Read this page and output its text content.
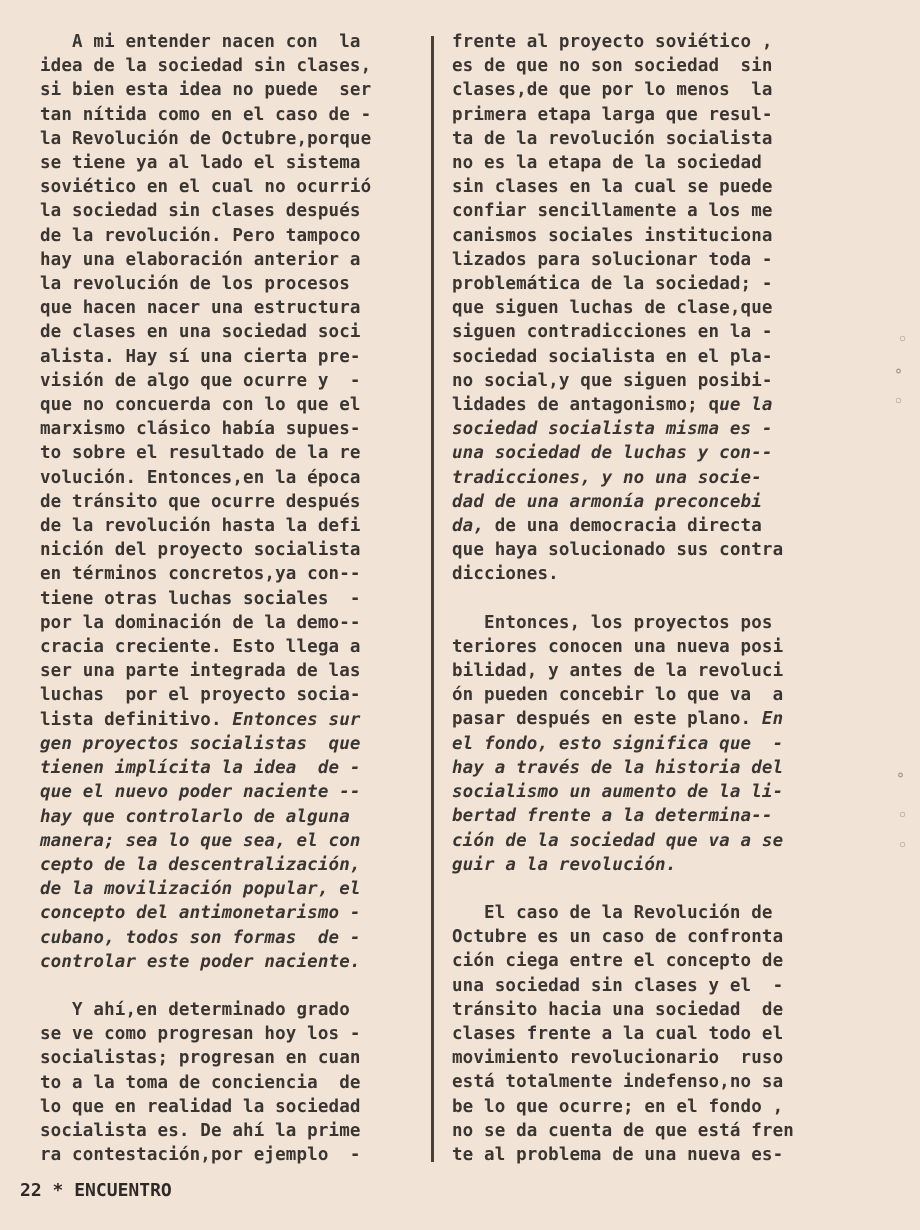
A mi entender nacen con  la
idea de la sociedad sin clases,
si bien esta idea no puede  ser
tan nítida como en el caso de -
la Revolución de Octubre,porque
se tiene ya al lado el sistema
soviético en el cual no ocurrió
la sociedad sin clases después
de la revolución. Pero tampoco
hay una elaboración anterior a
la revolución de los procesos
que hacen nacer una estructura
de clases en una sociedad soci
alista. Hay sí una cierta pre-
visión de algo que ocurre y  -
que no concuerda con lo que el
marxismo clásico había supues-
to sobre el resultado de la re
volución. Entonces,en la época
de tránsito que ocurre después
de la revolución hasta la defi
nición del proyecto socialista
en términos concretos,ya con--
tiene otras luchas sociales  -
por la dominación de la demo--
cracia creciente. Esto llega a
ser una parte integrada de las
luchas  por el proyecto socia-
lista definitivo. Entonces sur
gen proyectos socialistas  que
tienen implícita la idea  de -
que el nuevo poder naciente --
hay que controlarlo de alguna
manera; sea lo que sea, el con
cepto de la descentralización,
de la movilización popular, el
concepto del antimonetarismo -
cubano, todos son formas  de -
controlar este poder naciente.
Y ahí,en determinado grado
se ve como progresan hoy los -
socialistas; progresan en cuan
to a la toma de conciencia  de
lo que en realidad la sociedad
socialista es. De ahí la prime
ra contestación,por ejemplo  -
frente al proyecto soviético ,
es de que no son sociedad  sin
clases,de que por lo menos  la
primera etapa larga que resul-
ta de la revolución socialista
no es la etapa de la sociedad
sin clases en la cual se puede
confiar sencillamente a los me
canismos sociales instituciona
lizados para solucionar toda -
problemática de la sociedad; -
que siguen luchas de clase,que
siguen contradicciones en la -
sociedad socialista en el pla-
no social,y que siguen posibi-
lidades de antagonismo; que la
sociedad socialista misma es -
una sociedad de luchas y con--
tradicciones, y no una socie-
dad de una armonía preconcebi
da, de una democracia directa
que haya solucionado sus contra
dicciones.
Entonces, los proyectos pos
teriores conocen una nueva posi
bilidad, y antes de la revoluci
ón pueden concebir lo que va  a
pasar después en este plano. En
el fondo, esto significa que  -
hay a través de la historia del
socialismo un aumento de la li-
bertad frente a la determina--
ción de la sociedad que va a se
guir a la revolución.
El caso de la Revolución de
Octubre es un caso de confronta
ción ciega entre el concepto de
una sociedad sin clases y el  -
tránsito hacia una sociedad  de
clases frente a la cual todo el
movimiento revolucionario  ruso
está totalmente indefenso,no sa
be lo que ocurre; en el fondo ,
no se da cuenta de que está fren
te al problema de una nueva es-
◦
°
◦
°
◦
◦
22 * ENCUENTRO
